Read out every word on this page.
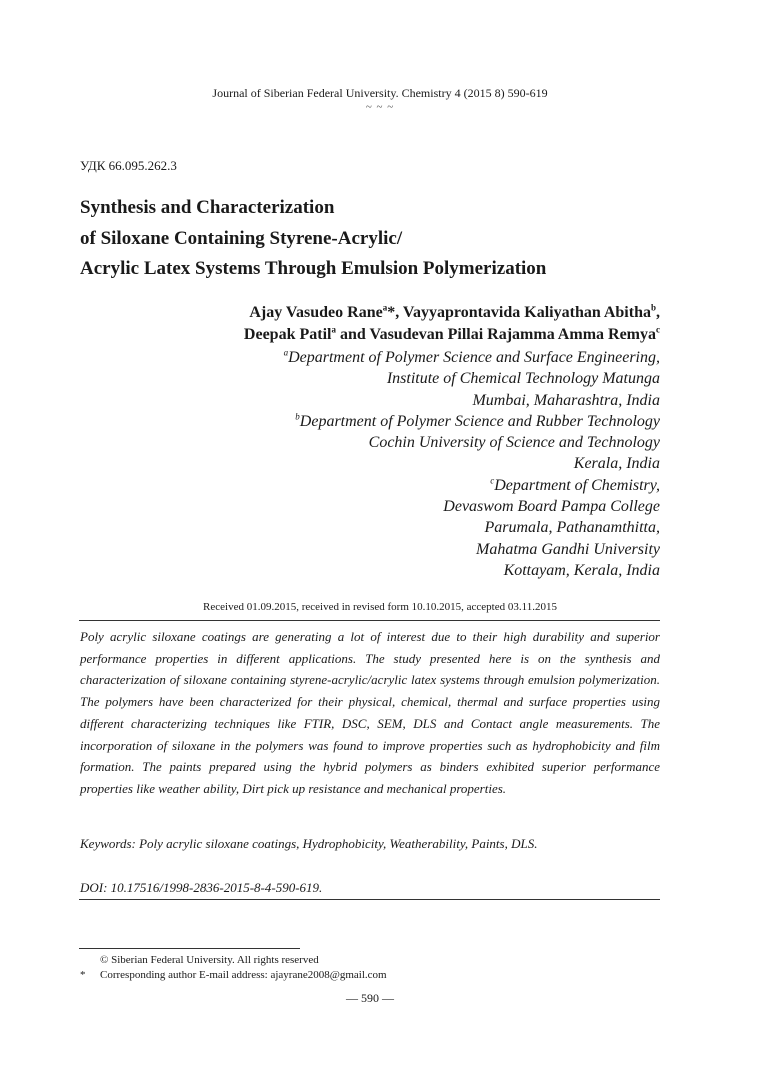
Journal of Siberian Federal University. Chemistry 4 (2015 8) 590-619
~ ~ ~
УДК 66.095.262.3
Synthesis and Characterization
of Siloxane Containing Styrene-Acrylic/
Acrylic Latex Systems Through Emulsion Polymerization
Ajay Vasudeo Rane$^a$*, Vayyaprontavida Kaliyathan Abitha$^b$,
Deepak Patil$^a$ and Vasudevan Pillai Rajamma Amma Remya$^c$
$^a$Department of Polymer Science and Surface Engineering,
Institute of Chemical Technology Matunga
Mumbai, Maharashtra, India
$^b$Department of Polymer Science and Rubber Technology
Cochin University of Science and Technology
Kerala, India
$^c$Department of Chemistry,
Devaswom Board Pampa College
Parumala, Pathanamthitta,
Mahatma Gandhi University
Kottayam, Kerala, India
Received 01.09.2015, received in revised form 10.10.2015, accepted 03.11.2015
Poly acrylic siloxane coatings are generating a lot of interest due to their high durability and superior performance properties in different applications. The study presented here is on the synthesis and characterization of siloxane containing styrene-acrylic/acrylic latex systems through emulsion polymerization. The polymers have been characterized for their physical, chemical, thermal and surface properties using different characterizing techniques like FTIR, DSC, SEM, DLS and Contact angle measurements. The incorporation of siloxane in the polymers was found to improve properties such as hydrophobicity and film formation. The paints prepared using the hybrid polymers as binders exhibited superior performance properties like weather ability, Dirt pick up resistance and mechanical properties.
Keywords: Poly acrylic siloxane coatings, Hydrophobicity, Weatherability, Paints, DLS.
DOI: 10.17516/1998-2836-2015-8-4-590-619.
© Siberian Federal University. All rights reserved
*	Corresponding author E-mail address: ajayrane2008@gmail.com
— 590 —
